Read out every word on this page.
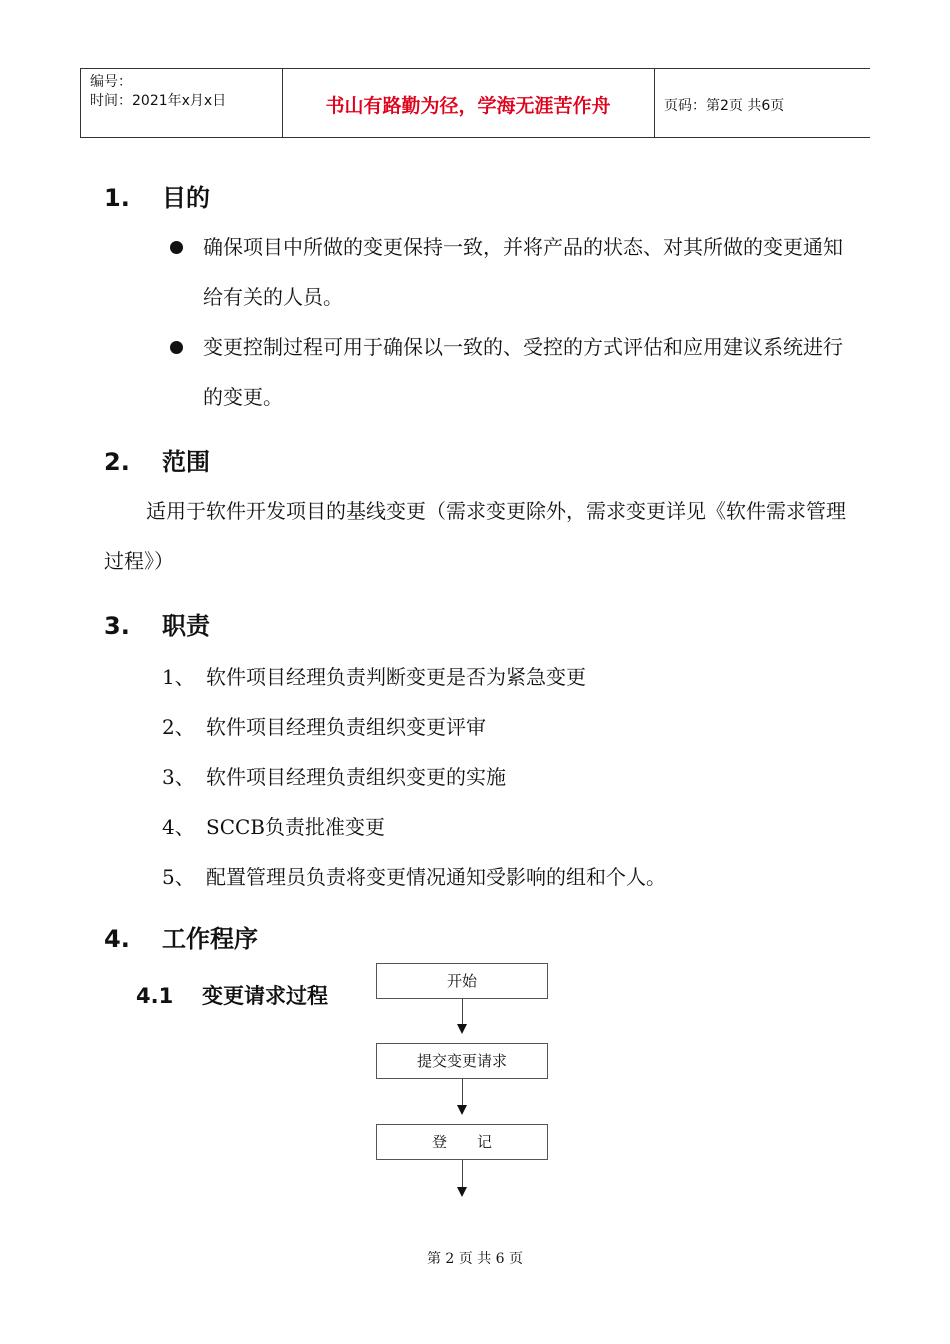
编号：
时间：2021年x月x日	书山有路勤为径，学海无涯苦作舟	页码：第2页 共6页
1. 目的
确保项目中所做的变更保持一致，并将产品的状态、对其所做的变更通知给有关的人员。
变更控制过程可用于确保以一致的、受控的方式评估和应用建议系统进行的变更。
2. 范围
适用于软件开发项目的基线变更（需求变更除外，需求变更详见《软件需求管理过程》）
3. 职责
1、 软件项目经理负责判断变更是否为紧急变更
2、 软件项目经理负责组织变更评审
3、 软件项目经理负责组织变更的实施
4、 SCCB负责批准变更
5、 配置管理员负责将变更情况通知受影响的组和个人。
4. 工作程序
4.1 变更请求过程
开始
提交变更请求
登　　记
第 2 页 共 6 页
